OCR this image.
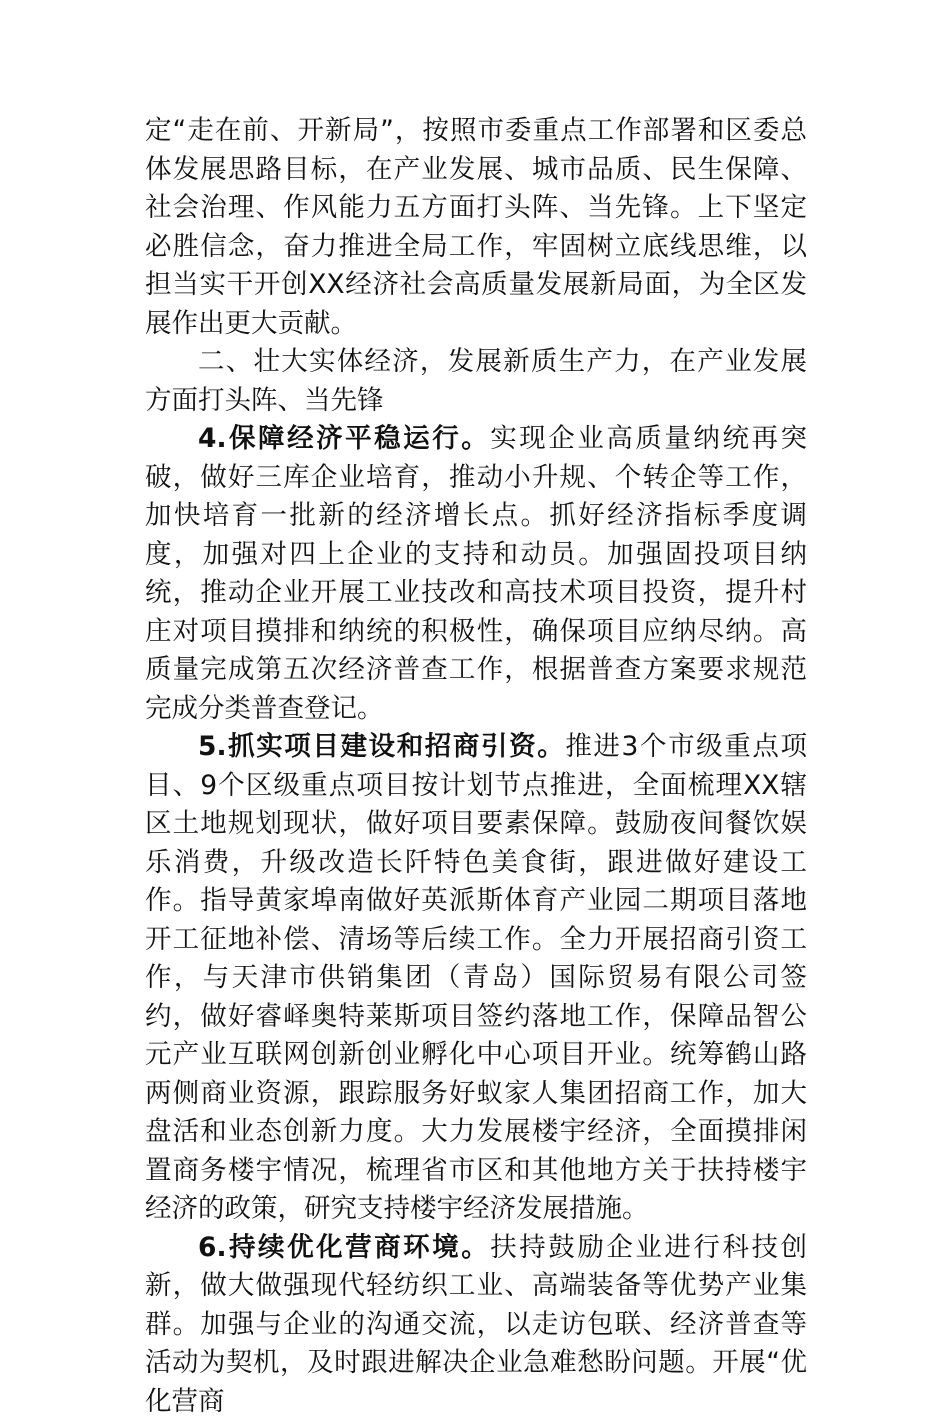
定“走在前、开新局”，按照市委重点工作部署和区委总体发展思路目标，在产业发展、城市品质、民生保障、社会治理、作风能力五方面打头阵、当先锋。上下坚定必胜信念，奋力推进全局工作，牢固树立底线思维，以担当实干开创XX经济社会高质量发展新局面，为全区发展作出更大贡献。

二、壮大实体经济，发展新质生产力，在产业发展方面打头阵、当先锋

4.保障经济平稳运行。实现企业高质量纳统再突破，做好三库企业培育，推动小升规、个转企等工作，加快培育一批新的经济增长点。抓好经济指标季度调度，加强对四上企业的支持和动员。加强固投项目纳统，推动企业开展工业技改和高技术项目投资，提升村庄对项目摸排和纳统的积极性，确保项目应纳尽纳。高质量完成第五次经济普查工作，根据普查方案要求规范完成分类普查登记。

5.抓实项目建设和招商引资。推进3个市级重点项目、9个区级重点项目按计划节点推进，全面梳理XX辖区土地规划现状，做好项目要素保障。鼓励夜间餐饮娱乐消费，升级改造长阡特色美食街，跟进做好建设工作。指导黄家埠南做好英派斯体育产业园二期项目落地开工征地补偿、清场等后续工作。全力开展招商引资工作，与天津市供销集团（青岛）国际贸易有限公司签约，做好睿峄奥特莱斯项目签约落地工作，保障品智公元产业互联网创新创业孵化中心项目开业。统筹鹤山路两侧商业资源，跟踪服务好蚁家人集团招商工作，加大盘活和业态创新力度。大力发展楼宇经济，全面摸排闲置商务楼宇情况，梳理省市区和其他地方关于扶持楼宇经济的政策，研究支持楼宇经济发展措施。

6.持续优化营商环境。扶持鼓励企业进行科技创新，做大做强现代轻纺织工业、高端装备等优势产业集群。加强与企业的沟通交流，以走访包联、经济普查等活动为契机，及时跟进解决企业急难愁盼问题。开展“优化营商
